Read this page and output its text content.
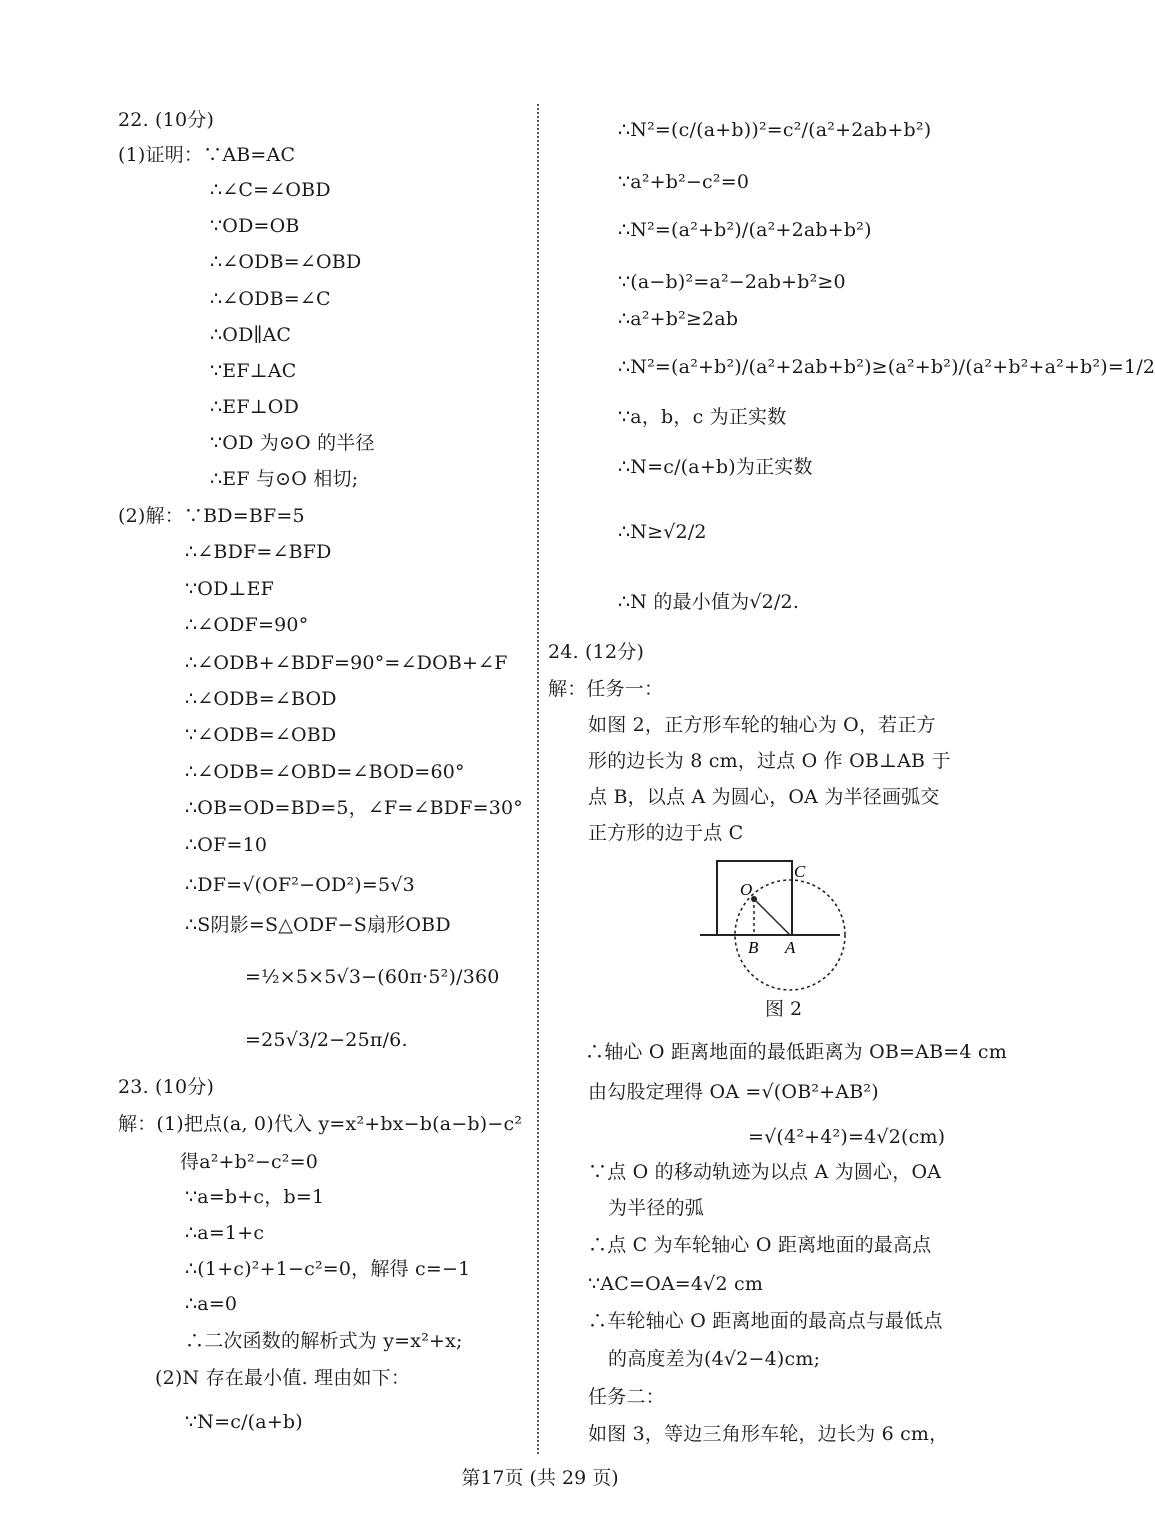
22. (10分)
(1)证明：∵AB=AC
∴∠C=∠OBD
∵OD=OB
∴∠ODB=∠OBD
∴∠ODB=∠C
∴OD∥AC
∵EF⊥AC
∴EF⊥OD
∵OD 为⊙O 的半径
∴EF 与⊙O 相切;
(2)解：∵BD=BF=5
∴∠BDF=∠BFD
∵OD⊥EF
∴∠ODF=90°
∴∠ODB+∠BDF=90°=∠DOB+∠F
∴∠ODB=∠BOD
∵∠ODB=∠OBD
∴∠ODB=∠OBD=∠BOD=60°
∴OB=OD=BD=5，∠F=∠BDF=30°
∴OF=10
∴DF=√(OF²−OD²)=5√3
∴S阴影=S△ODF−S扇形OBD
=½×5×5√3−(60π·5²)/360
=25√3/2−25π/6.
23. (10分)
解：(1)把点(a, 0)代入 y=x²+bx−b(a−b)−c²
得a²+b²−c²=0
∵a=b+c，b=1
∴a=1+c
∴(1+c)²+1−c²=0，解得 c=−1
∴a=0
∴二次函数的解析式为 y=x²+x;
(2)N 存在最小值. 理由如下：
∵N=c/(a+b)
∴N²=(c/(a+b))²=c²/(a²+2ab+b²)
∵a²+b²−c²=0
∴N²=(a²+b²)/(a²+2ab+b²)
∵(a−b)²=a²−2ab+b²≥0
∴a²+b²≥2ab
∴N²=(a²+b²)/(a²+2ab+b²)≥(a²+b²)/(a²+b²+a²+b²)=1/2
∵a，b，c 为正实数
∴N=c/(a+b)为正实数
∴N≥√2/2
∴N 的最小值为√2/2.
24. (12分)
解：任务一：
如图 2，正方形车轮的轴心为 O，若正方
形的边长为 8 cm，过点 O 作 OB⊥AB 于
点 B，以点 A 为圆心，OA 为半径画弧交
正方形的边于点 C
∴轴心 O 距离地面的最低距离为 OB=AB=4 cm
由勾股定理得 OA =√(OB²+AB²)
=√(4²+4²)=4√2(cm)
∵点 O 的移动轨迹为以点 A 为圆心，OA
为半径的弧
∴点 C 为车轮轴心 O 距离地面的最高点
∵AC=OA=4√2 cm
∴车轮轴心 O 距离地面的最高点与最低点
的高度差为(4√2−4)cm;
任务二：
如图 3，等边三角形车轮，边长为 6 cm，
O
C
B A
图 2
第17页 (共 29 页)
